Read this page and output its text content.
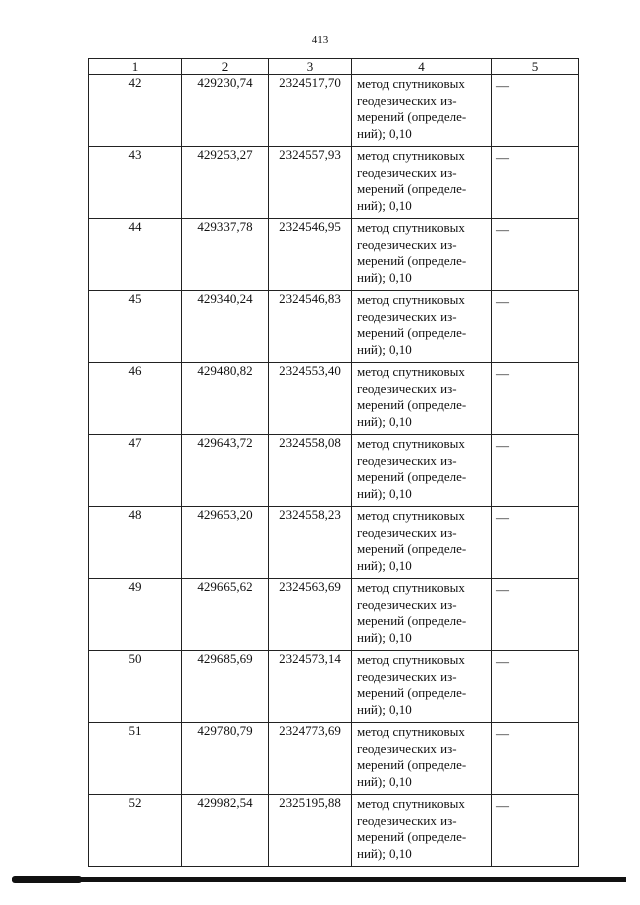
413
1	2	3	4	5
42	429230,74	2324517,70	метод спутниковых
геодезических из-
мерений (определе-
ний); 0,10	—
43	429253,27	2324557,93	метод спутниковых
геодезических из-
мерений (определе-
ний); 0,10	—
44	429337,78	2324546,95	метод спутниковых
геодезических из-
мерений (определе-
ний); 0,10	—
45	429340,24	2324546,83	метод спутниковых
геодезических из-
мерений (определе-
ний); 0,10	—
46	429480,82	2324553,40	метод спутниковых
геодезических из-
мерений (определе-
ний); 0,10	—
47	429643,72	2324558,08	метод спутниковых
геодезических из-
мерений (определе-
ний); 0,10	—
48	429653,20	2324558,23	метод спутниковых
геодезических из-
мерений (определе-
ний); 0,10	—
49	429665,62	2324563,69	метод спутниковых
геодезических из-
мерений (определе-
ний); 0,10	—
50	429685,69	2324573,14	метод спутниковых
геодезических из-
мерений (определе-
ний); 0,10	—
51	429780,79	2324773,69	метод спутниковых
геодезических из-
мерений (определе-
ний); 0,10	—
52	429982,54	2325195,88	метод спутниковых
геодезических из-
мерений (определе-
ний); 0,10	—
